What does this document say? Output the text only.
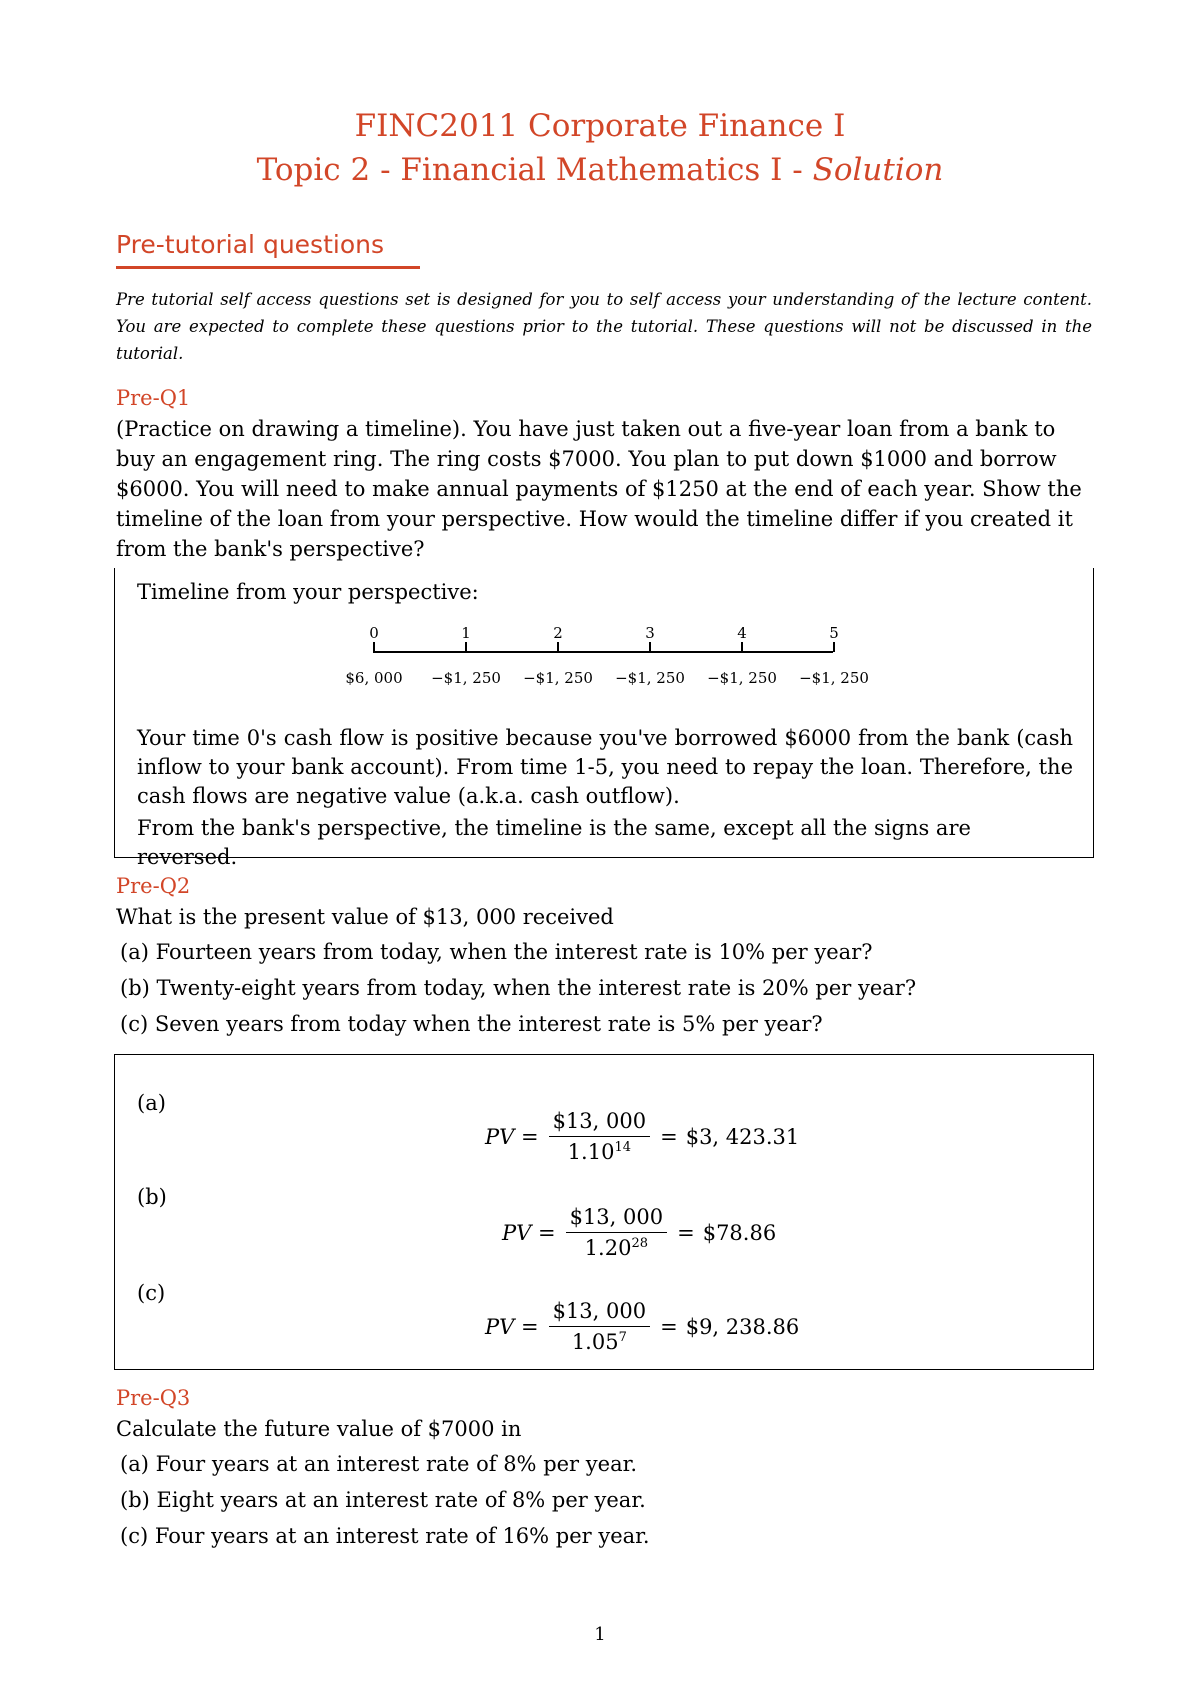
FINC2011 Corporate Finance I
Topic 2 - Financial Mathematics I - Solution
Pre-tutorial questions
Pre tutorial self access questions set is designed for you to self access your understanding of the lecture content. You are expected to complete these questions prior to the tutorial. These questions will not be discussed in the tutorial.
Pre-Q1
(Practice on drawing a timeline). You have just taken out a five-year loan from a bank to buy an engagement ring. The ring costs $7000. You plan to put down $1000 and borrow $6000. You will need to make annual payments of $1250 at the end of each year. Show the timeline of the loan from your perspective. How would the timeline differ if you created it from the bank's perspective?
Timeline from your perspective:
0	1	2	3	4	5
$6, 000 −$1, 250 −$1, 250 −$1, 250 −$1, 250 −$1, 250
Your time 0's cash flow is positive because you've borrowed $6000 from the bank (cash inflow to your bank account). From time 1-5, you need to repay the loan. Therefore, the cash flows are negative value (a.k.a. cash outflow).
From the bank's perspective, the timeline is the same, except all the signs are reversed.
Pre-Q2
What is the present value of $13, 000 received
(a) Fourteen years from today, when the interest rate is 10% per year?
(b) Twenty-eight years from today, when the interest rate is 20% per year?
(c) Seven years from today when the interest rate is 5% per year?
(a)
PV = $\frac{\$13, 000}{1.10^{14}}$ = $3, 423.31
(b)
PV = $\frac{\$13, 000}{1.20^{28}}$ = $78.86
(c)
PV = $\frac{\$13, 000}{1.05^7}$ = $9, 238.86
Pre-Q3
Calculate the future value of $7000 in
(a) Four years at an interest rate of 8% per year.
(b) Eight years at an interest rate of 8% per year.
(c) Four years at an interest rate of 16% per year.
1
